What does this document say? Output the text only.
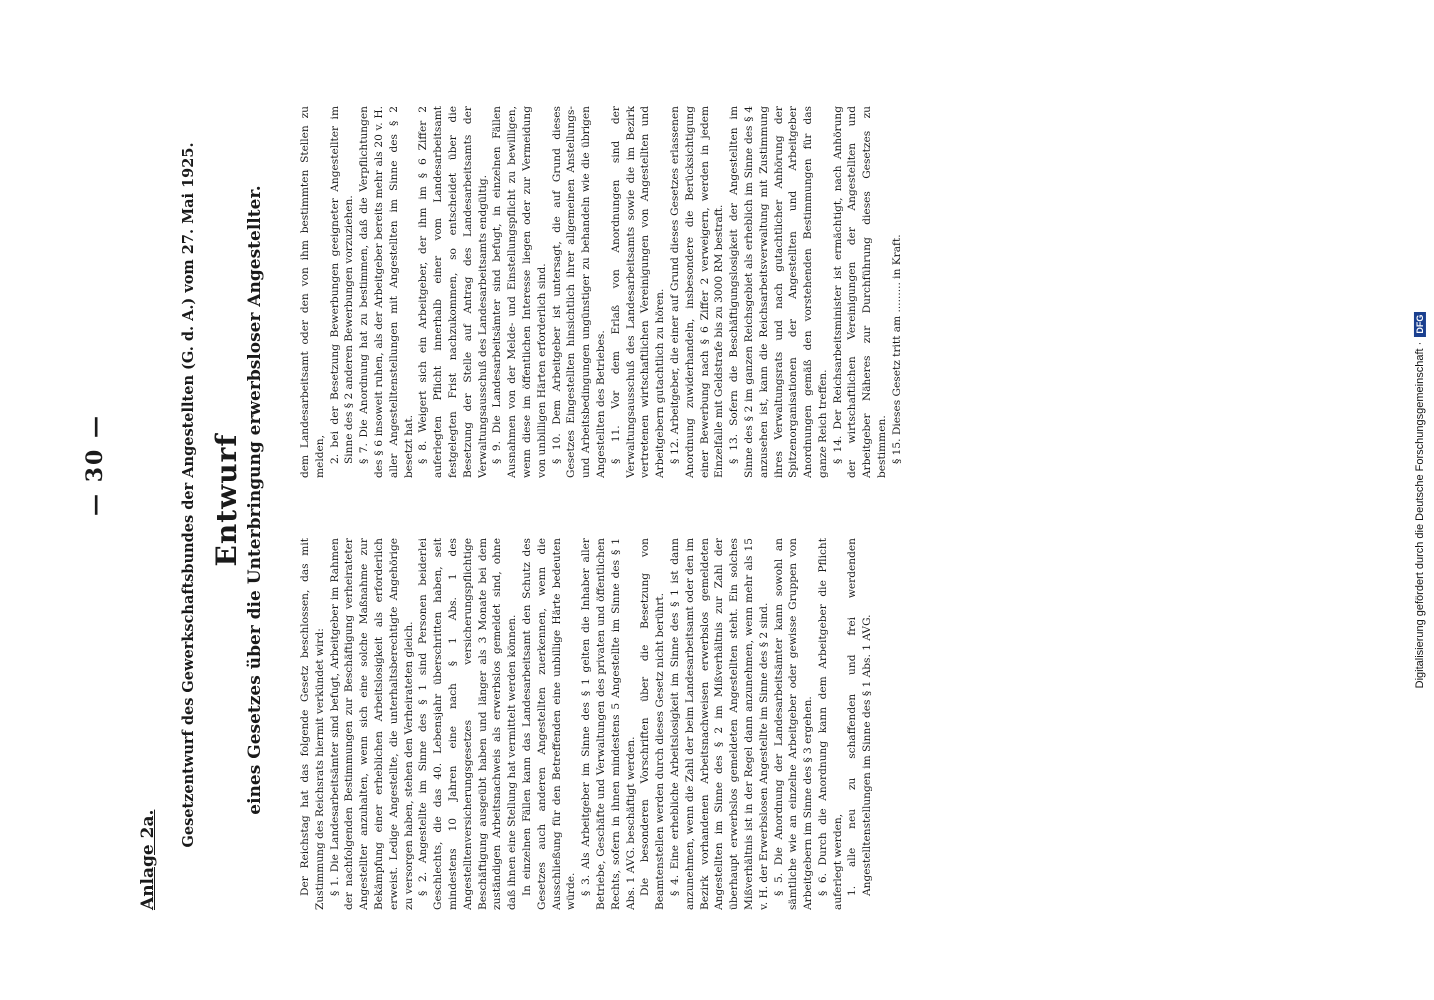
— 30 —
Anlage 2a.
Gesetzentwurf des Gewerkschaftsbundes der Angestellten (G. d. A.) vom 27. Mai 1925. Entwurf eines Gesetzes über die Unterbringung erwerbsloser Angestellter.	Der Reichstag hat das folgende Gesetz beschlossen, das mit Zustimmung des Reichsrats hiermit verkündet wird: § 1. Die Landesarbeitsämter sind befugt, Arbeitgeber im Rahmen der nachfolgenden Bestimmungen zur Beschäftigung verheirateter Angestellter anzuhalten, wenn sich eine solche Maßnahme zur Bekämpfung einer erheblichen Arbeitslosigkeit als erforderlich erweist. Ledige Angestellte, die unterhaltsberechtigte Angehörige zu versorgen haben, stehen den Verheirateten gleich. § 2. Angestellte im Sinne des § 1 sind Personen beiderlei Geschlechts, die das 40. Lebensjahr überschritten haben, seit mindestens 10 Jahren eine nach § 1 Abs. 1 des Angestelltenversicherungsgesetzes versicherungspflichtige Beschäftigung ausgeübt haben und länger als 3 Monate bei dem zuständigen Arbeitsnachweis als erwerbslos gemeldet sind, ohne daß ihnen eine Stellung hat vermittelt werden können. In einzelnen Fällen kann das Landesarbeitsamt den Schutz des Gesetzes auch anderen Angestellten zuerkennen, wenn die Ausschließung für den Betreffenden eine unbillige Härte bedeuten würde. § 3. Als Arbeitgeber im Sinne des § 1 gelten die Inhaber aller Betriebe, Geschäfte und Verwaltungen des privaten und öffentlichen Rechts, sofern in ihnen mindestens 5 Angestellte im Sinne des § 1 Abs. 1 AVG. beschäftigt werden. Die besonderen Vorschriften über die Besetzung von Beamtenstellen werden durch dieses Gesetz nicht berührt. § 4. Eine erhebliche Arbeitslosigkeit im Sinne des § 1 ist dann anzunehmen, wenn die Zahl der beim Landesarbeitsamt oder den im Bezirk vorhandenen Arbeitsnachweisen erwerbslos gemeldeten Angestellten im Sinne des § 2 im Mißverhältnis zur Zahl der überhaupt erwerbslos gemeldeten Angestellten steht. Ein solches Mißverhältnis ist in der Regel dann anzunehmen, wenn mehr als 15 v. H. der Erwerbslosen Angestellte im Sinne des § 2 sind. § 5. Die Anordnung der Landesarbeitsämter kann sowohl an sämtliche wie an einzelne Arbeitgeber oder gewisse Gruppen von Arbeitgebern im Sinne des § 3 ergehen. § 6. Durch die Anordnung kann dem Arbeitgeber die Pflicht auferlegt werden, 1. alle neu zu schaffenden und frei werdenden Angestelltenstellungen im Sinne des § 1 Abs. 1 AVG.

dem Landesarbeitsamt oder den von ihm bestimmten Stellen zu melden, 2. bei der Besetzung Bewerbungen geeigneter Angestellter im Sinne des § 2 anderen Bewerbungen vorzuziehen. § 7. Die Anordnung hat zu bestimmen, daß die Verpflichtungen des § 6 insoweit ruhen, als der Arbeitgeber bereits mehr als 20 v. H. aller Angestelltenstellungen mit Angestellten im Sinne des § 2 besetzt hat. § 8. Weigert sich ein Arbeitgeber, der ihm im § 6 Ziffer 2 auferlegten Pflicht innerhalb einer vom Landesarbeitsamt festgelegten Frist nachzukommen, so entscheidet über die Besetzung der Stelle auf Antrag des Landesarbeitsamts der Verwaltungsausschuß des Landesarbeitsamts endgültig. § 9. Die Landesarbeitsämter sind befugt, in einzelnen Fällen Ausnahmen von der Melde- und Einstellungspflicht zu bewilligen, wenn diese im öffentlichen Interesse liegen oder zur Vermeidung von unbilligen Härten erforderlich sind. § 10. Dem Arbeitgeber ist untersagt, die auf Grund dieses Gesetzes Eingestellten hinsichtlich ihrer allgemeinen Anstellungs- und Arbeitsbedingungen ungünstiger zu behandeln wie die übrigen Angestellten des Betriebes. § 11. Vor dem Erlaß von Anordnungen sind der Verwaltungsausschuß des Landesarbeitsamts sowie die im Bezirk vertretenen wirtschaftlichen Vereinigungen von Angestellten und Arbeitgebern gutachtlich zu hören. § 12. Arbeitgeber, die einer auf Grund dieses Gesetzes erlassenen Anordnung zuwiderhandeln, insbesondere die Berücksichtigung einer Bewerbung nach § 6 Ziffer 2 verweigern, werden in jedem Einzelfalle mit Geldstrafe bis zu 3000 RM bestraft. § 13. Sofern die Beschäftigungslosigkeit der Angestellten im Sinne des § 2 im ganzen Reichsgebiet als erheblich im Sinne des § 4 anzusehen ist, kann die Reichsarbeitsverwaltung mit Zustimmung ihres Verwaltungsrats und nach gutachtlicher Anhörung der Spitzenorganisationen der Angestellten und Arbeitgeber Anordnungen gemäß den vorstehenden Bestimmungen für das ganze Reich treffen. § 14. Der Reichsarbeitsminister ist ermächtigt, nach Anhörung der wirtschaftlichen Vereinigungen der Angestellten und Arbeitgeber Näheres zur Durchführung dieses Gesetzes zu bestimmen. § 15. Dieses Gesetz tritt am ......... in Kraft.	Digitalisierung gefördert durch die Deutsche Forschungsgemeinschaft · DFG
